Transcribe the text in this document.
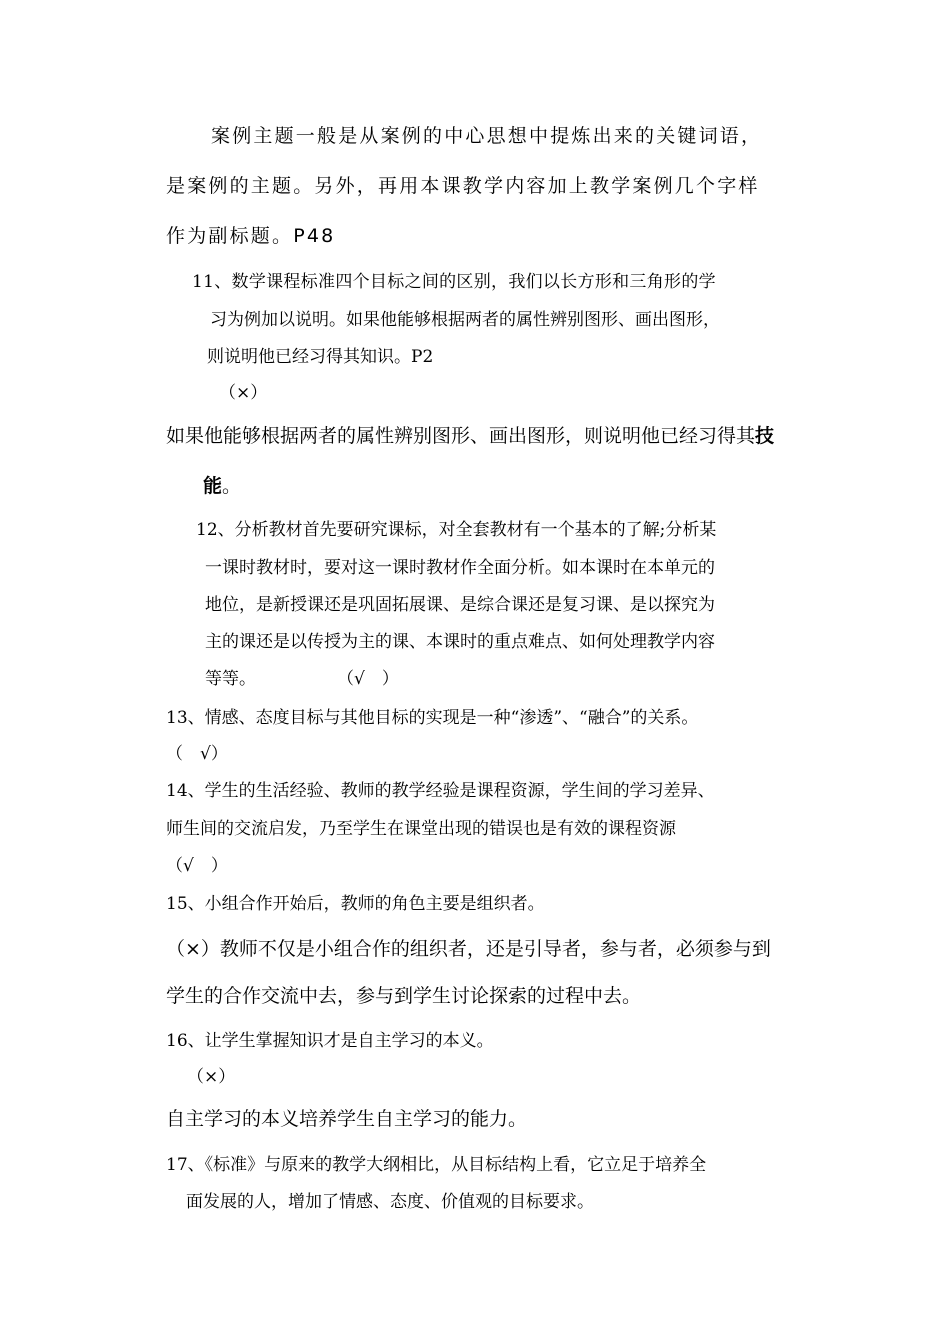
案例主题一般是从案例的中心思想中提炼出来的关键词语，
是案例的主题。另外，再用本课教学内容加上教学案例几个字样
作为副标题。P48
11、数学课程标准四个目标之间的区别，我们以长方形和三角形的学
习为例加以说明。如果他能够根据两者的属性辨别图形、画出图形，
则说明他已经习得其知识。P2
（×）
如果他能够根据两者的属性辨别图形、画出图形，则说明他已经习得其技
能。
12、分析教材首先要研究课标，对全套教材有一个基本的了解;分析某
一课时教材时，要对这一课时教材作全面分析。如本课时在本单元的
地位，是新授课还是巩固拓展课、是综合课还是复习课、是以探究为
主的课还是以传授为主的课、本课时的重点难点、如何处理教学内容
等等。	（√　）
13、情感、态度目标与其他目标的实现是一种“渗透”、“融合”的关系。
（　√）
14、学生的生活经验、教师的教学经验是课程资源，学生间的学习差异、
师生间的交流启发，乃至学生在课堂出现的错误也是有效的课程资源
（√　）
15、小组合作开始后，教师的角色主要是组织者。
（×）教师不仅是小组合作的组织者，还是引导者，参与者，必须参与到
学生的合作交流中去，参与到学生讨论探索的过程中去。
16、让学生掌握知识才是自主学习的本义。
（×）
自主学习的本义培养学生自主学习的能力。
17、《标准》与原来的教学大纲相比，从目标结构上看，它立足于培养全
面发展的人，增加了情感、态度、价值观的目标要求。
